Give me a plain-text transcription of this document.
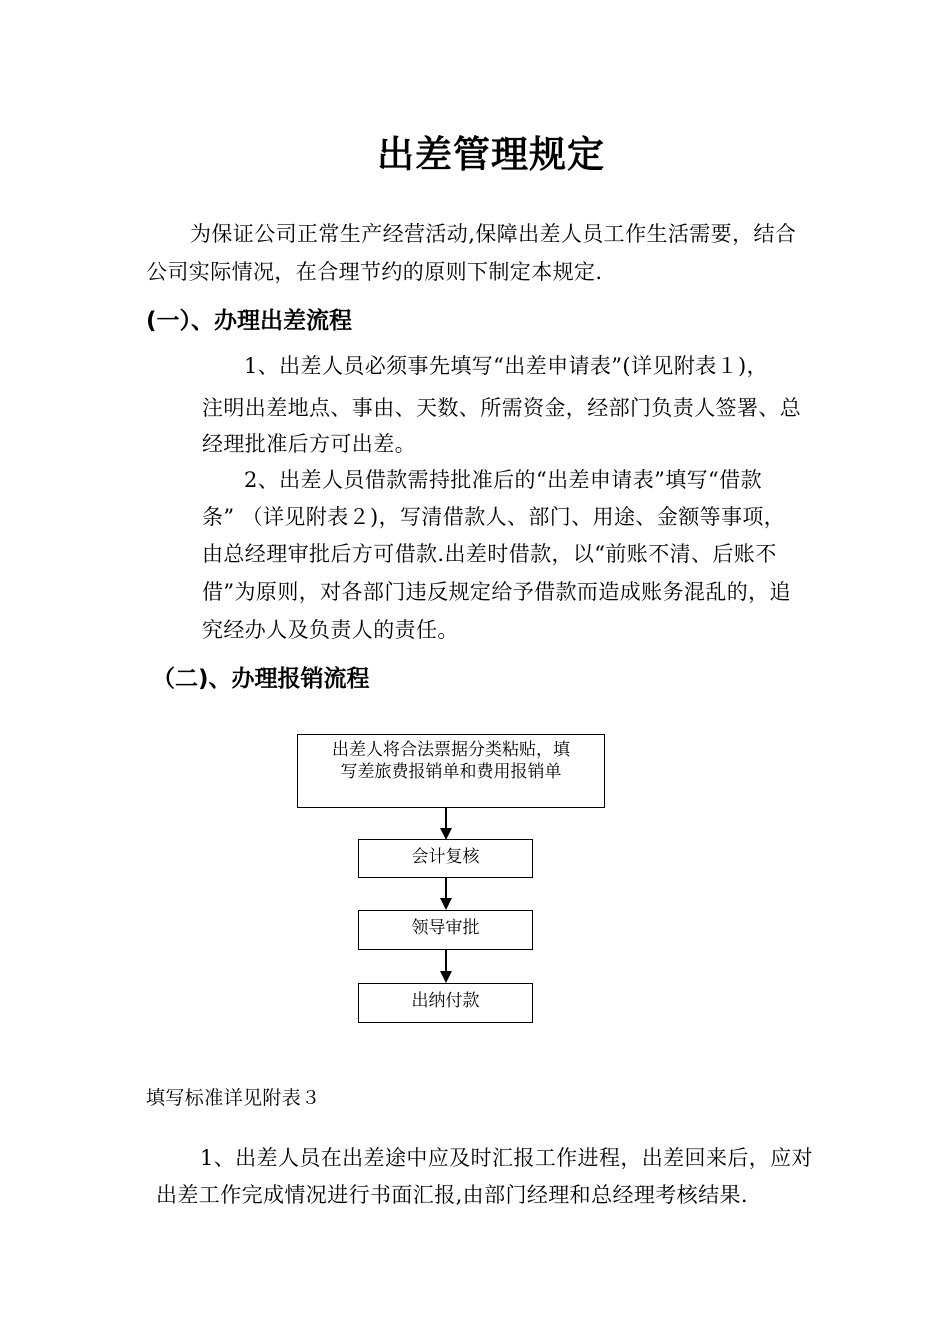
出差管理规定
为保证公司正常生产经营活动,保障出差人员工作生活需要，结合
公司实际情况，在合理节约的原则下制定本规定.
(一）、办理出差流程
1、出差人员必须事先填写“出差申请表”(详见附表１)，
注明出差地点、事由、天数、所需资金，经部门负责人签署、总
经理批准后方可出差。
2、出差人员借款需持批准后的“出差申请表”填写“借款
条” （详见附表２)，写清借款人、部门、用途、金额等事项，
由总经理审批后方可借款.出差时借款，以“前账不清、后账不
借”为原则，对各部门违反规定给予借款而造成账务混乱的，追
究经办人及负责人的责任。
（二)、办理报销流程
出差人将合法票据分类粘贴，填
写差旅费报销单和费用报销单
会计复核
领导审批
出纳付款
填写标准详见附表３
1、出差人员在出差途中应及时汇报工作进程，出差回来后，应对
出差工作完成情况进行书面汇报,由部门经理和总经理考核结果.
